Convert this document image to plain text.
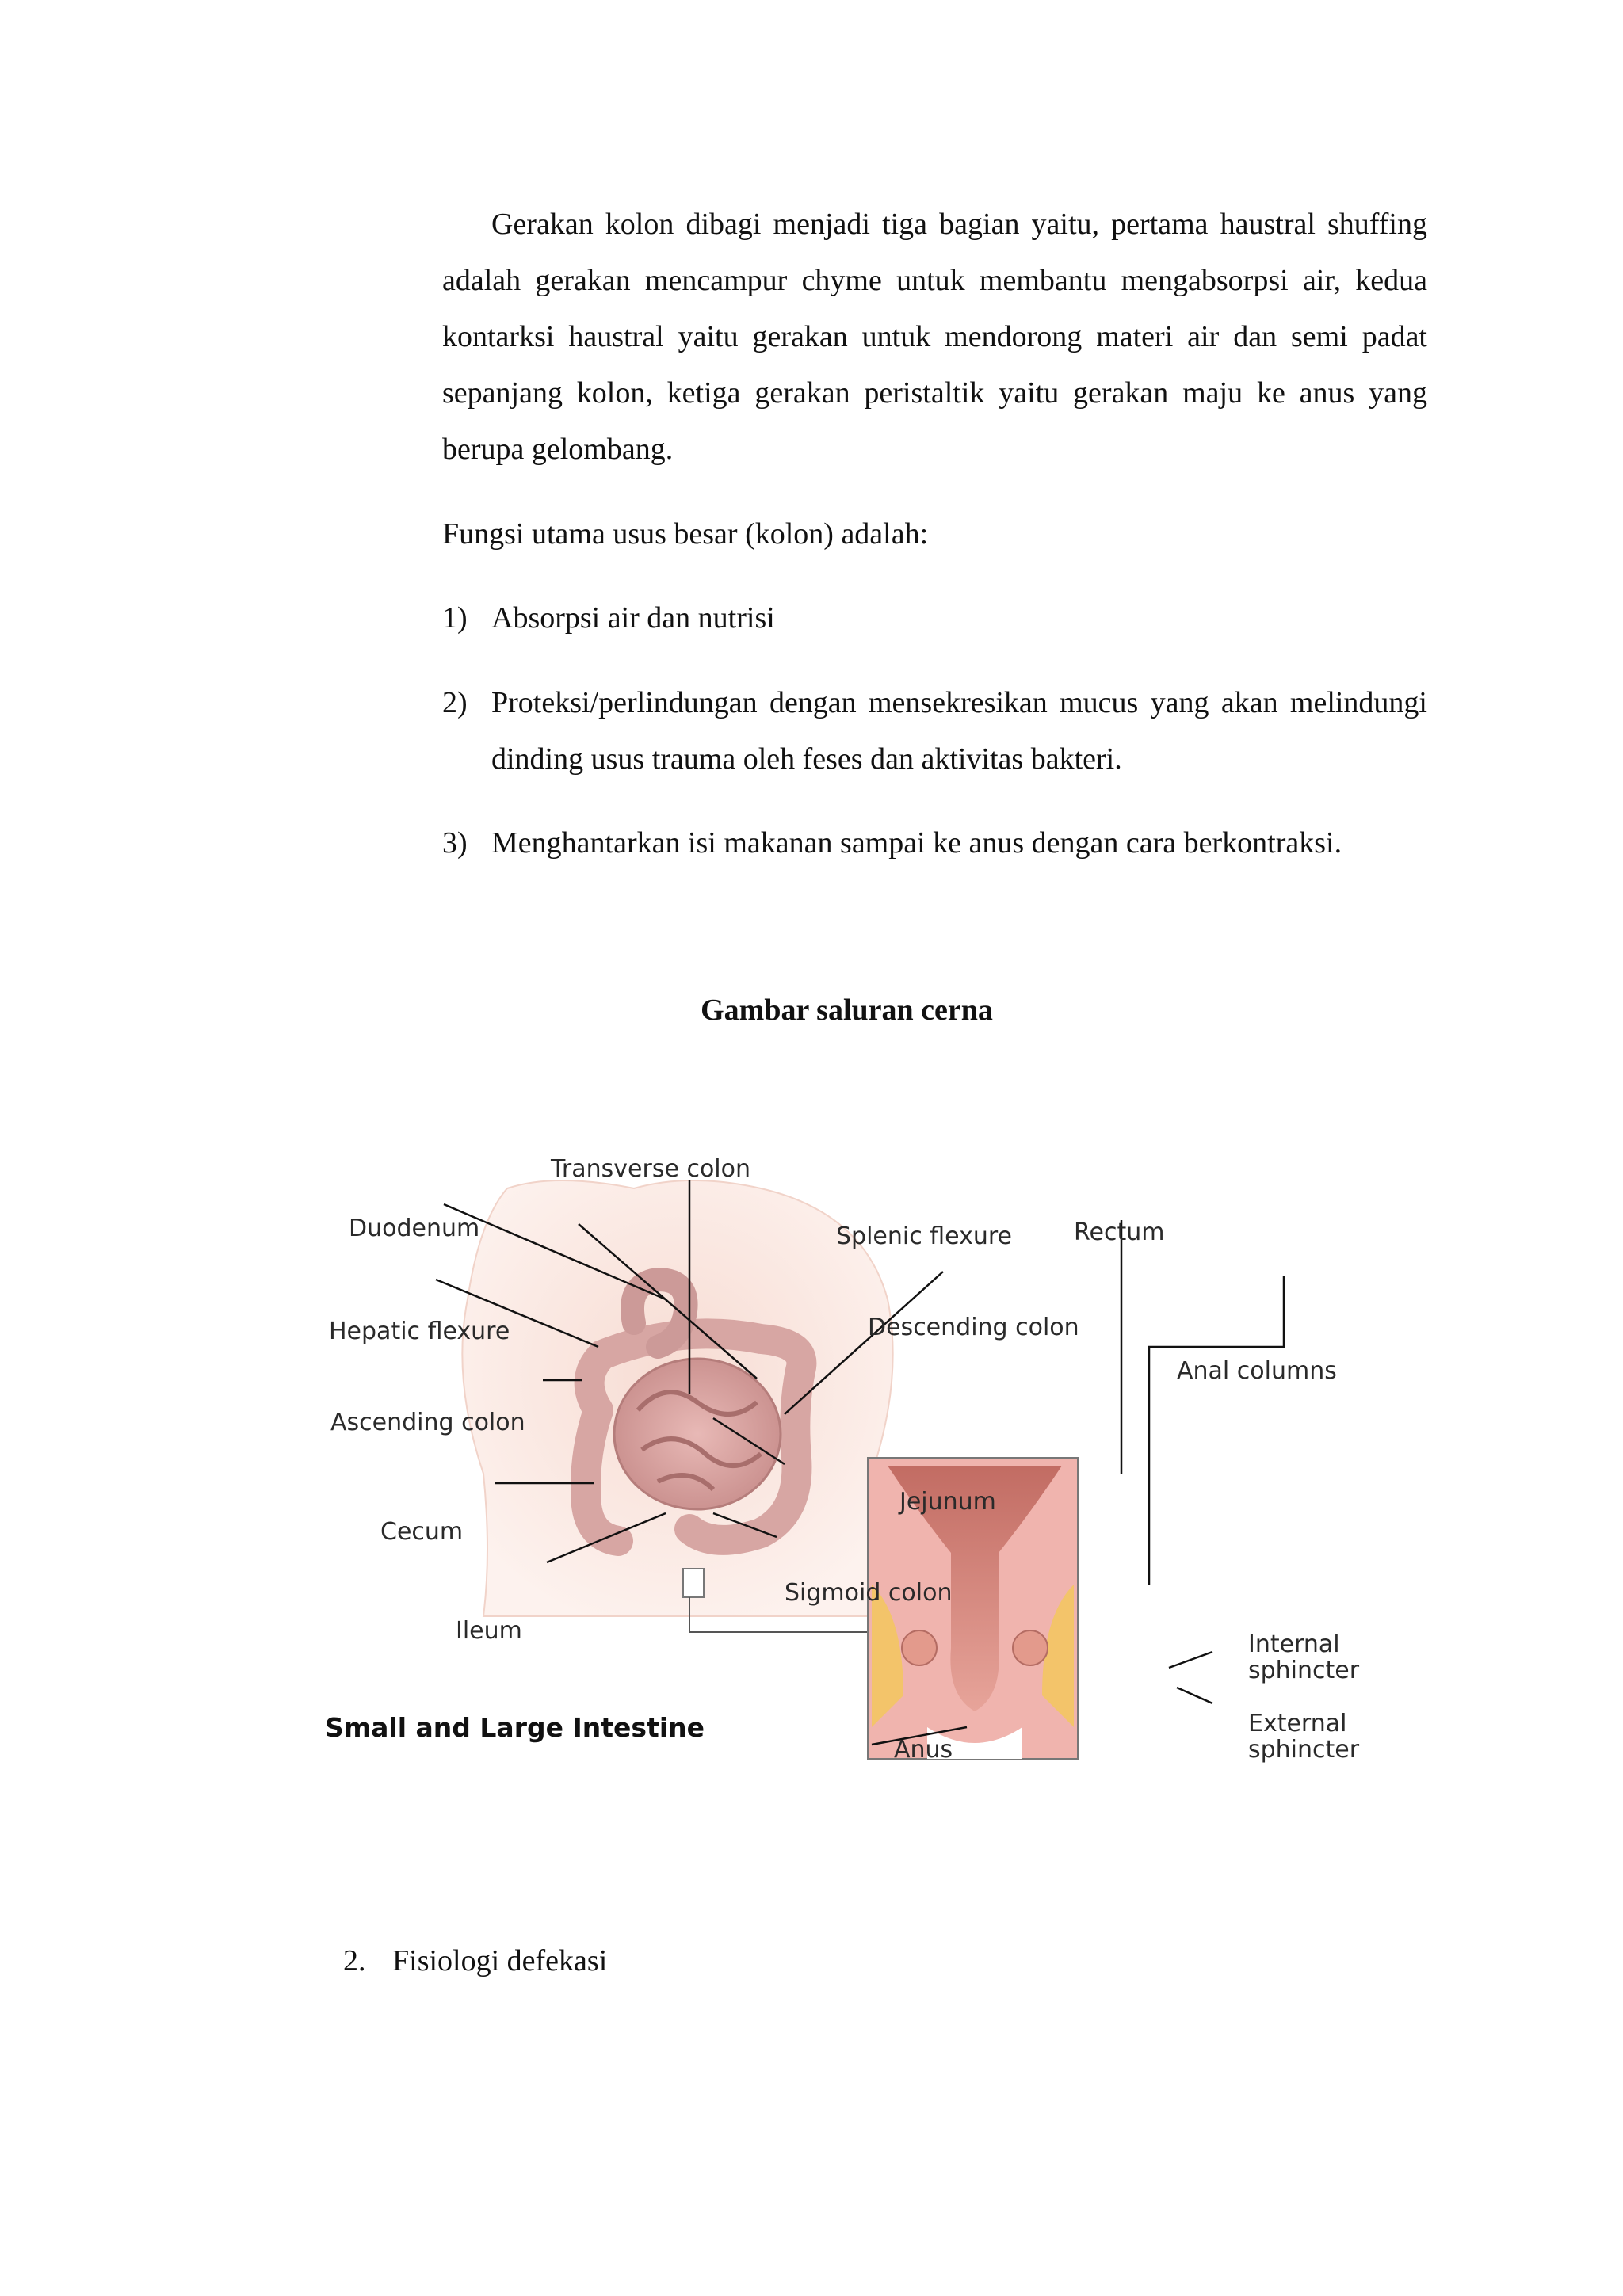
Gerakan kolon dibagi menjadi tiga bagian yaitu, pertama haustral shuffing adalah gerakan mencampur chyme untuk membantu mengabsorpsi air, kedua kontarksi haustral yaitu gerakan untuk mendorong materi air dan semi padat sepanjang kolon, ketiga gerakan peristaltik yaitu gerakan maju ke anus yang berupa gelombang.
Fungsi utama usus besar (kolon) adalah:
1) Absorpsi air dan nutrisi
2) Proteksi/perlindungan dengan mensekresikan mucus yang akan melindungi dinding usus trauma oleh feses dan aktivitas bakteri.
3) Menghantarkan isi makanan sampai ke anus dengan cara berkontraksi.
Gambar saluran cerna
Transverse colon
Duodenum	Splenic flexure	Rectum
Hepatic flexure	Descending colon
Anal columns
Ascending colon
Jejunum
Cecum
Sigmoid colon
Ileum	Internal
sphincter
Small and Large Intestine	External
sphincter
Anus
2. Fisiologi defekasi
